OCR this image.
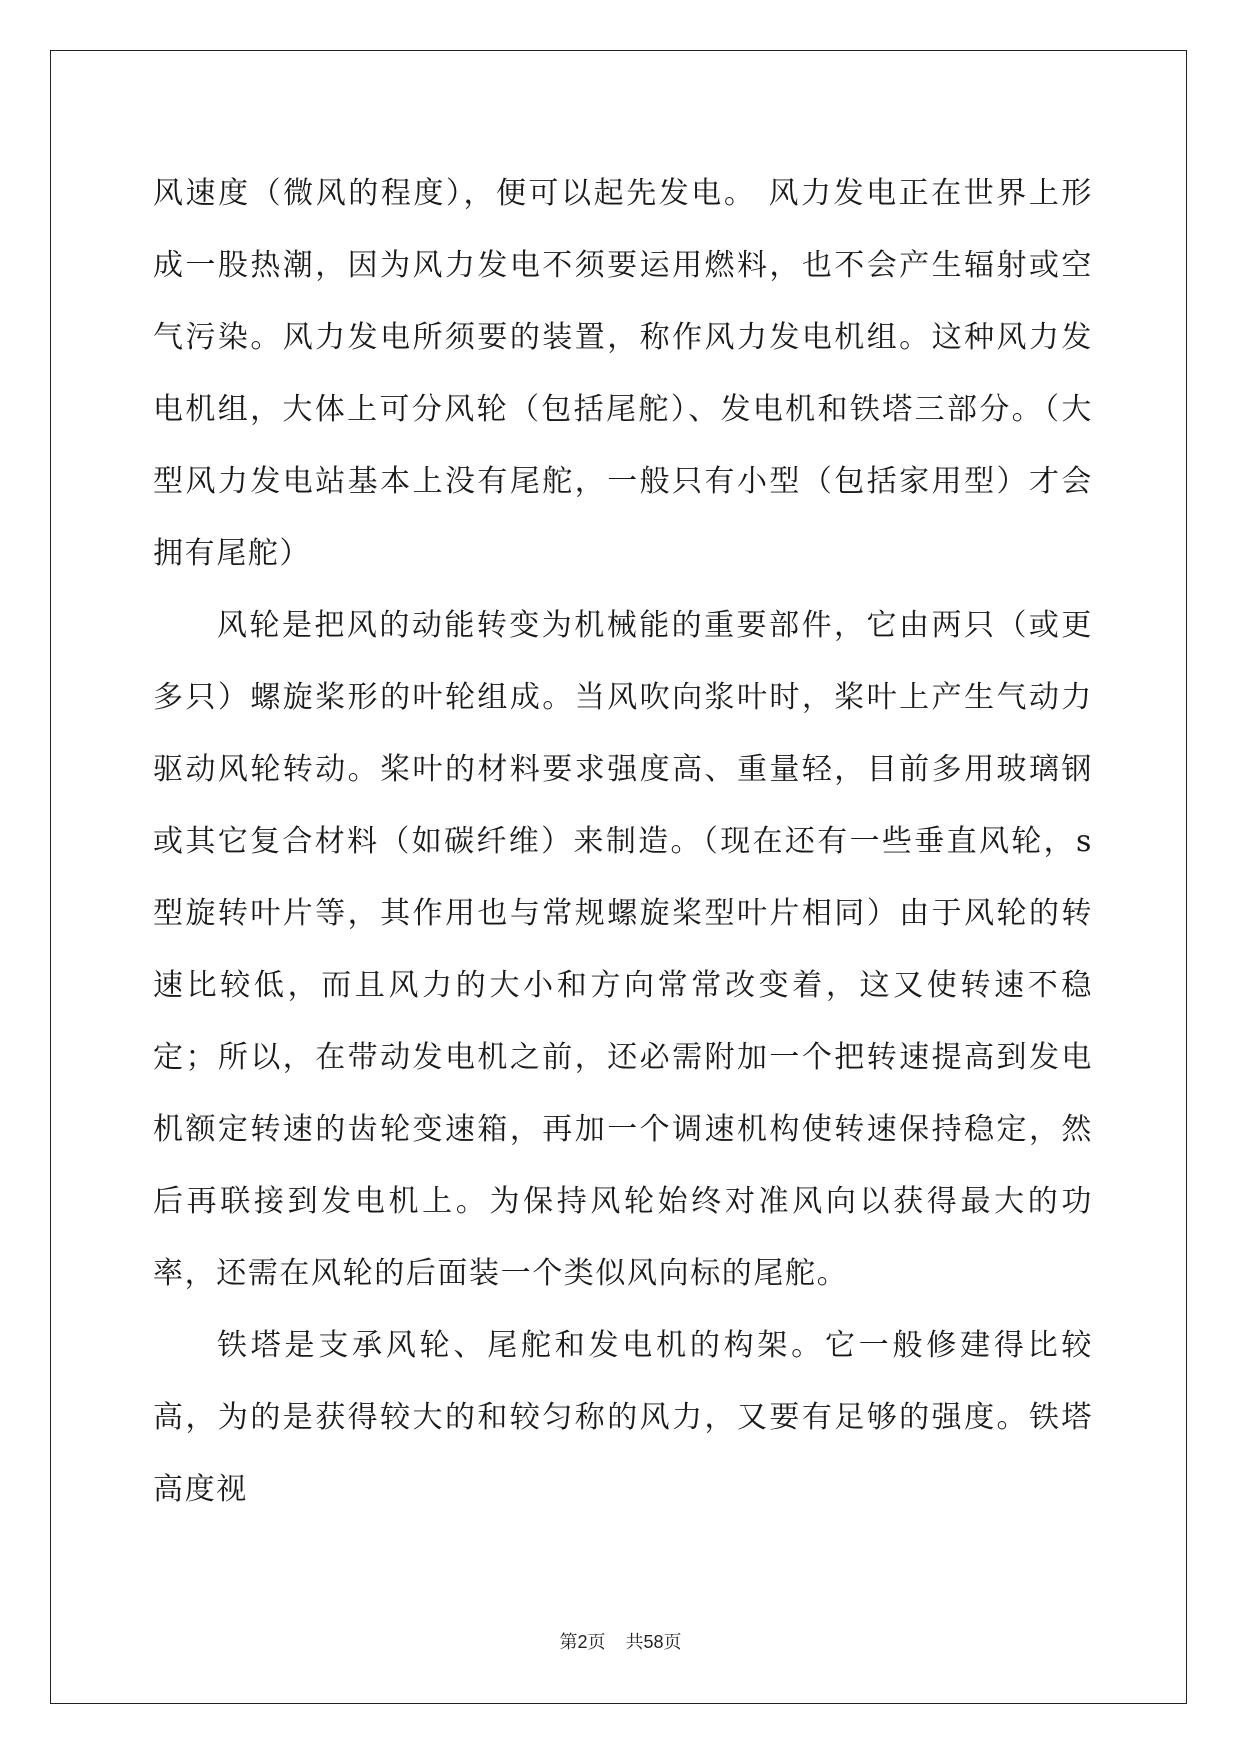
风速度（微风的程度），便可以起先发电。 风力发电正在世界上形成一股热潮，因为风力发电不须要运用燃料，也不会产生辐射或空气污染。风力发电所须要的装置，称作风力发电机组。这种风力发电机组，大体上可分风轮（包括尾舵）、发电机和铁塔三部分。（大型风力发电站基本上没有尾舵，一般只有小型（包括家用型）才会拥有尾舵）

风轮是把风的动能转变为机械能的重要部件，它由两只（或更多只）螺旋桨形的叶轮组成。当风吹向浆叶时，桨叶上产生气动力驱动风轮转动。桨叶的材料要求强度高、重量轻，目前多用玻璃钢或其它复合材料（如碳纤维）来制造。（现在还有一些垂直风轮，s 型旋转叶片等，其作用也与常规螺旋桨型叶片相同）由于风轮的转速比较低，而且风力的大小和方向常常改变着，这又使转速不稳定；所以，在带动发电机之前，还必需附加一个把转速提高到发电机额定转速的齿轮变速箱，再加一个调速机构使转速保持稳定，然后再联接到发电机上。为保持风轮始终对准风向以获得最大的功率，还需在风轮的后面装一个类似风向标的尾舵。

铁塔是支承风轮、尾舵和发电机的构架。它一般修建得比较高，为的是获得较大的和较匀称的风力，又要有足够的强度。铁塔高度视

第2页 共58页
